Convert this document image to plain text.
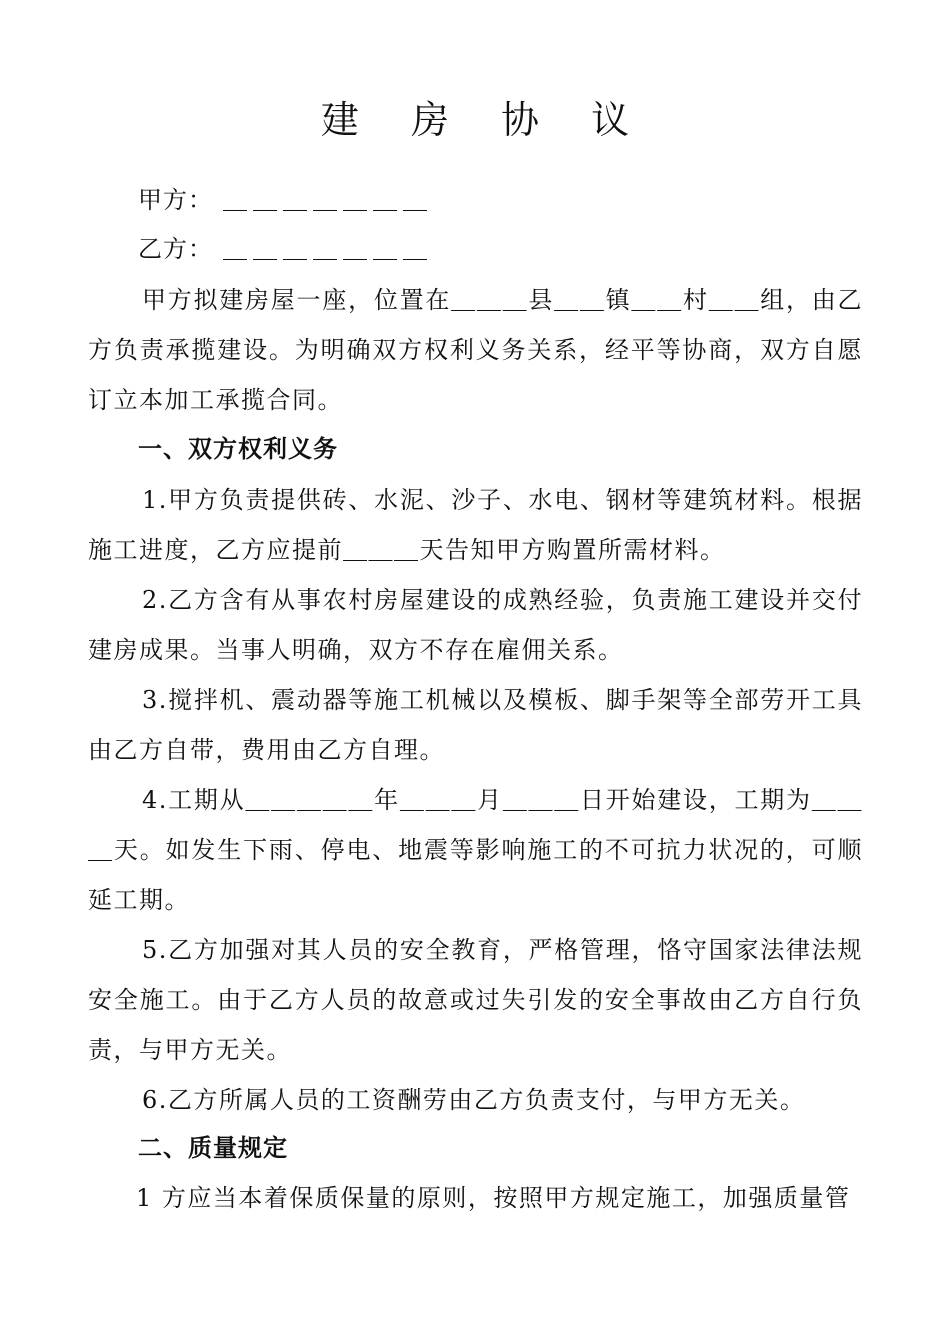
建 房 协 议
甲方： ＿＿＿＿＿＿＿
乙方： ＿＿＿＿＿＿＿
甲方拟建房屋一座，位置在＿＿＿县＿＿镇＿＿村＿＿组，由乙方负责承揽建设。为明确双方权利义务关系，经平等协商，双方自愿订立本加工承揽合同。
一、双方权利义务
1.甲方负责提供砖、水泥、沙子、水电、钢材等建筑材料。根据施工进度，乙方应提前＿＿＿天告知甲方购置所需材料。
2.乙方含有从事农村房屋建设的成熟经验，负责施工建设并交付建房成果。当事人明确，双方不存在雇佣关系。
3.搅拌机、震动器等施工机械以及模板、脚手架等全部劳开工具由乙方自带，费用由乙方自理。
4.工期从＿＿＿＿＿年＿＿＿月＿＿＿日开始建设，工期为＿＿＿天。如发生下雨、停电、地震等影响施工的不可抗力状况的，可顺延工期。
5.乙方加强对其人员的安全教育，严格管理，恪守国家法律法规安全施工。由于乙方人员的故意或过失引发的安全事故由乙方自行负责，与甲方无关。
6.乙方所属人员的工资酬劳由乙方负责支付，与甲方无关。
二、质量规定
1 方应当本着保质保量的原则，按照甲方规定施工，加强质量管
